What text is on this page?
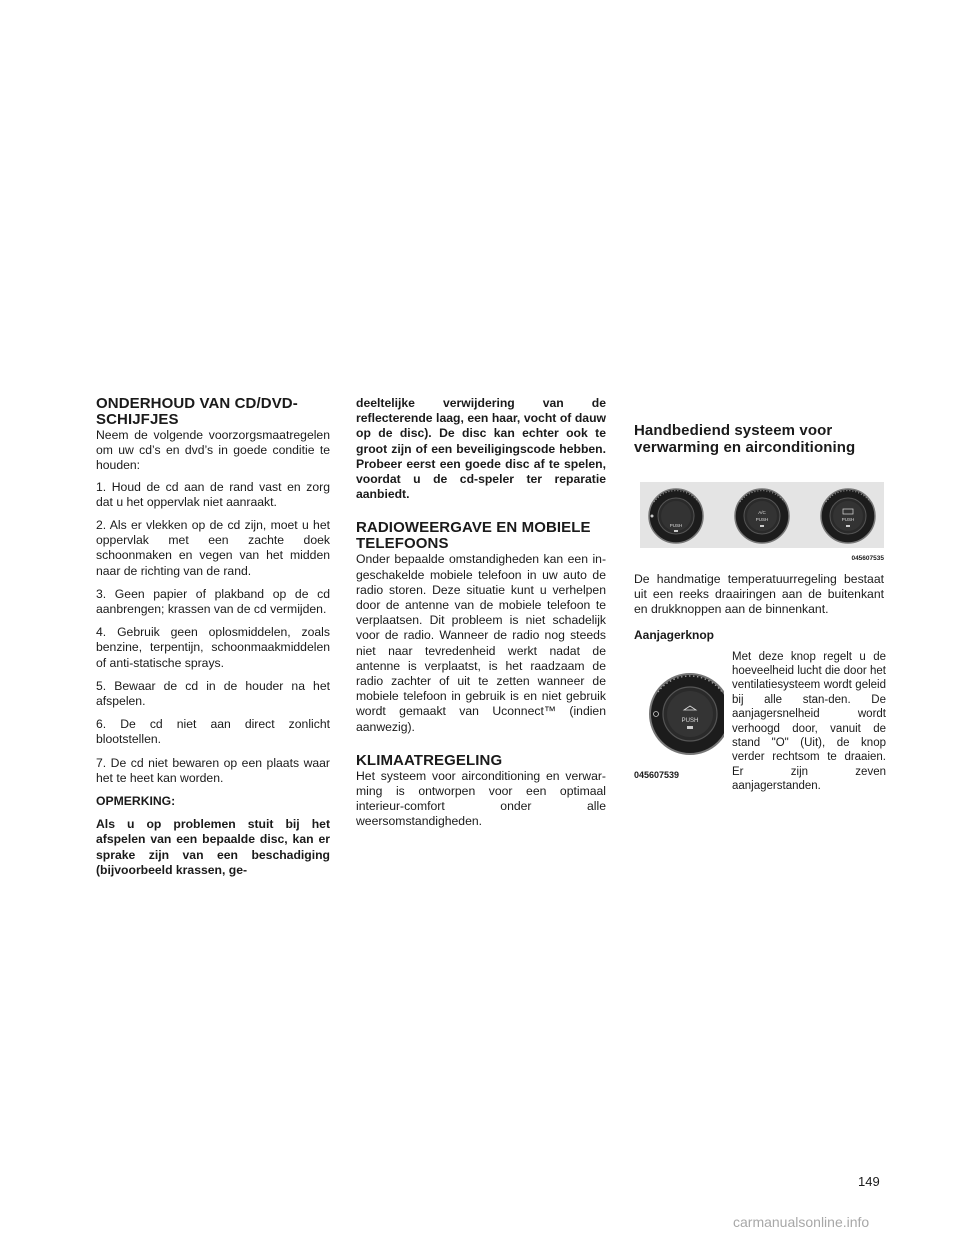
ONDERHOUD VAN CD/DVD-SCHIJFJES

Neem de volgende voorzorgsmaatregelen om uw cd’s en dvd’s in goede conditie te houden:

1. Houd de cd aan de rand vast en zorg dat u het oppervlak niet aanraakt.

2. Als er vlekken op de cd zijn, moet u het oppervlak met een zachte doek schoonmaken en vegen van het midden naar de richting van de rand.

3. Geen papier of plakband op de cd aanbrengen; krassen van de cd vermijden.

4. Gebruik geen oplosmiddelen, zoals benzine, terpentijn, schoonmaakmiddelen of anti-statische sprays.

5. Bewaar de cd in de houder na het afspelen.

6. De cd niet aan direct zonlicht blootstellen.

7. De cd niet bewaren op een plaats waar het te heet kan worden.

OPMERKING:

Als u op problemen stuit bij het afspelen van een bepaalde disc, kan er sprake zijn van een beschadiging (bijvoorbeeld krassen, ge-

deeltelijke verwijdering van de reflecterende laag, een haar, vocht of dauw op de disc). De disc kan echter ook te groot zijn of een beveiligingscode hebben. Probeer eerst een goede disc af te spelen, voordat u de cd-speler ter reparatie aanbiedt.

RADIOWEERGAVE EN MOBIELE TELEFOONS

Onder bepaalde omstandigheden kan een in-geschakelde mobiele telefoon in uw auto de radio storen. Deze situatie kunt u verhelpen door de antenne van de mobiele telefoon te verplaatsen. Dit probleem is niet schadelijk voor de radio. Wanneer de radio nog steeds niet naar tevredenheid werkt nadat de antenne is verplaatst, is het raadzaam de radio zachter of uit te zetten wanneer de mobiele telefoon in gebruik is en niet gebruik wordt gemaakt van Uconnect™ (indien aanwezig).

KLIMAATREGELING

Het systeem voor airconditioning en verwar-ming is ontworpen voor een optimaal interieur-comfort onder alle weersomstandigheden.

Handbediend systeem voor verwarming en airconditioning
PUSH
A/C
PUSH	PUSH
045607535

De handmatige temperatuurregeling bestaat uit een reeks draairingen aan de buitenkant en drukknoppen aan de binnenkant.

Aanjagerknop
PUSH
045607539

Met deze knop regelt u de hoeveelheid lucht die door het ventilatiesysteem wordt geleid bij alle stan-den. De aanjagersnelheid wordt verhoogd door, vanuit de stand "O" (Uit), de knop verder rechtsom te draaien. Er zijn zeven aanjagerstanden.

149
carmanualsonline.info
